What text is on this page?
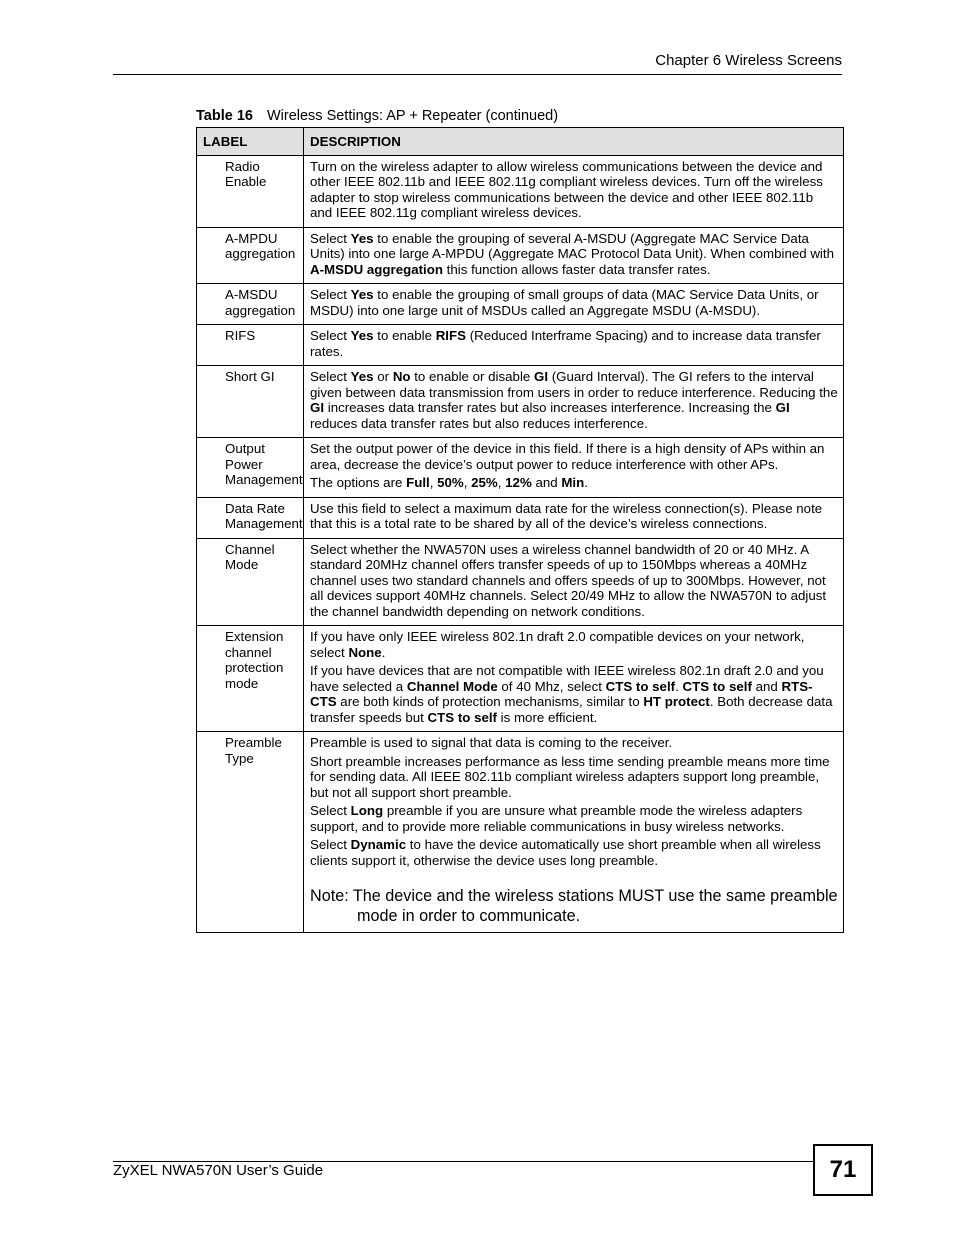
Chapter 6 Wireless Screens
Table 16 Wireless Settings: AP + Repeater (continued)
LABEL	DESCRIPTION
Radio Enable	Turn on the wireless adapter to allow wireless communications between the device and other IEEE 802.11b and IEEE 802.11g compliant wireless devices. Turn off the wireless adapter to stop wireless communications between the device and other IEEE 802.11b and IEEE 802.11g compliant wireless devices.

A-MPDU aggregation	Select Yes to enable the grouping of several A-MSDU (Aggregate MAC Service Data Units) into one large A-MPDU (Aggregate MAC Protocol Data Unit). When combined with A-MSDU aggregation this function allows faster data transfer rates.

A-MSDU aggregation	Select Yes to enable the grouping of small groups of data (MAC Service Data Units, or MSDU) into one large unit of MSDUs called an Aggregate MSDU (A-MSDU).

RIFS	Select Yes to enable RIFS (Reduced Interframe Spacing) and to increase data transfer rates.

Short GI	Select Yes or No to enable or disable GI (Guard Interval). The GI refers to the interval given between data transmission from users in order to reduce interference. Reducing the GI increases data transfer rates but also increases interference. Increasing the GI reduces data transfer rates but also reduces interference.

Output Power Management	Set the output power of the device in this field. If there is a high density of APs within an area, decrease the device’s output power to reduce interference with other APs.

The options are Full, 50%, 25%, 12% and Min.

Data Rate Management	Use this field to select a maximum data rate for the wireless connection(s). Please note that this is a total rate to be shared by all of the device’s wireless connections.

Channel Mode	Select whether the NWA570N uses a wireless channel bandwidth of 20 or 40 MHz. A standard 20MHz channel offers transfer speeds of up to 150Mbps whereas a 40MHz channel uses two standard channels and offers speeds of up to 300Mbps. However, not all devices support 40MHz channels. Select 20/49 MHz to allow the NWA570N to adjust the channel bandwidth depending on network conditions.

Extension channel protection mode	If you have only IEEE wireless 802.1n draft 2.0 compatible devices on your network, select None.

If you have devices that are not compatible with IEEE wireless 802.1n draft 2.0 and you have selected a Channel Mode of 40 Mhz, select CTS to self. CTS to self and RTS-CTS are both kinds of protection mechanisms, similar to HT protect. Both decrease data transfer speeds but CTS to self is more efficient.

Preamble Type	Preamble is used to signal that data is coming to the receiver.

Short preamble increases performance as less time sending preamble means more time for sending data. All IEEE 802.11b compliant wireless adapters support long preamble, but not all support short preamble.

Select Long preamble if you are unsure what preamble mode the wireless adapters support, and to provide more reliable communications in busy wireless networks.

Select Dynamic to have the device automatically use short preamble when all wireless clients support it, otherwise the device uses long preamble.

Note: The device and the wireless stations MUST use the same preamble mode in order to communicate.
ZyXEL NWA570N User’s Guide	71
